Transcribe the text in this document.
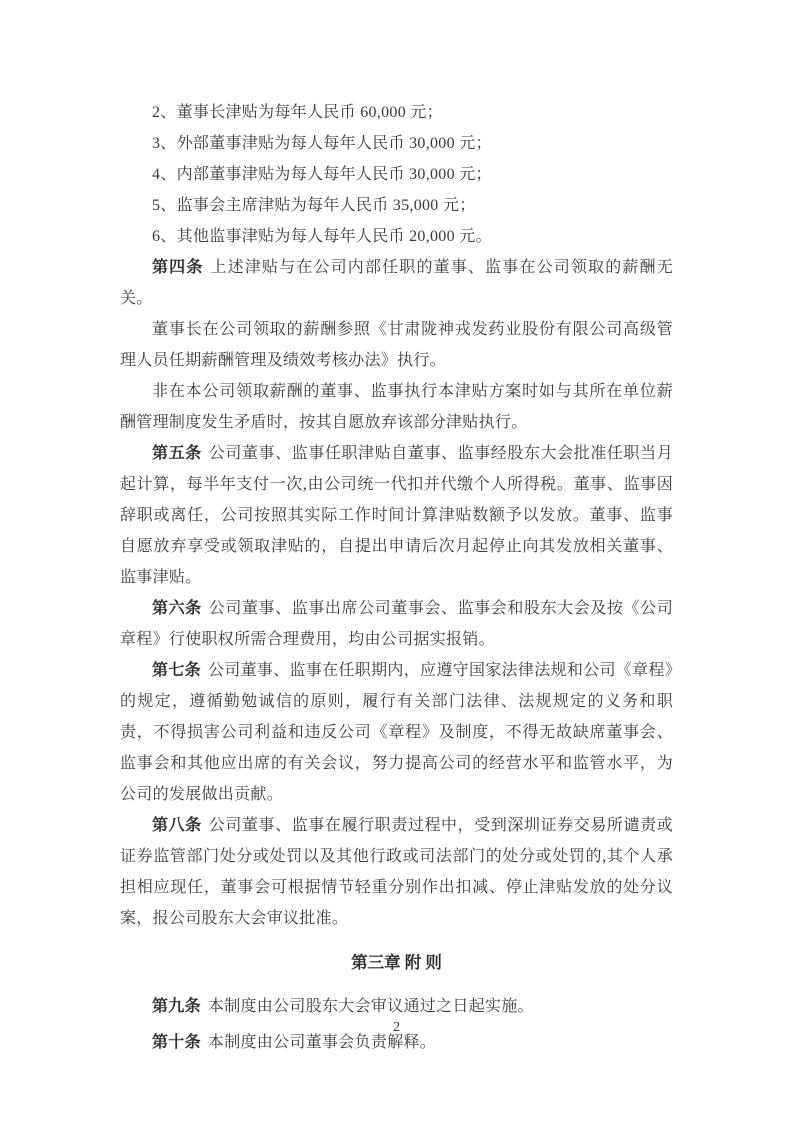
2、董事长津贴为每年人民币 60,000 元；

3、外部董事津贴为每人每年人民币 30,000 元；

4、内部董事津贴为每人每年人民币 30,000 元；

5、监事会主席津贴为每年人民币 35,000 元；

6、其他监事津贴为每人每年人民币 20,000 元。

第四条 上述津贴与在公司内部任职的董事、监事在公司领取的薪酬无关。

董事长在公司领取的薪酬参照《甘肃陇神戎发药业股份有限公司高级管理人员任期薪酬管理及绩效考核办法》执行。

非在本公司领取薪酬的董事、监事执行本津贴方案时如与其所在单位薪酬管理制度发生矛盾时，按其自愿放弃该部分津贴执行。

第五条 公司董事、监事任职津贴自董事、监事经股东大会批准任职当月起计算，每半年支付一次,由公司统一代扣并代缴个人所得税。董事、监事因辞职或离任，公司按照其实际工作时间计算津贴数额予以发放。董事、监事自愿放弃享受或领取津贴的，自提出申请后次月起停止向其发放相关董事、监事津贴。

第六条 公司董事、监事出席公司董事会、监事会和股东大会及按《公司章程》行使职权所需合理费用，均由公司据实报销。

第七条 公司董事、监事在任职期内，应遵守国家法律法规和公司《章程》的规定，遵循勤勉诚信的原则，履行有关部门法律、法规规定的义务和职责，不得损害公司利益和违反公司《章程》及制度，不得无故缺席董事会、监事会和其他应出席的有关会议，努力提高公司的经营水平和监管水平，为公司的发展做出贡献。

第八条 公司董事、监事在履行职责过程中，受到深圳证券交易所谴责或证券监管部门处分或处罚以及其他行政或司法部门的处分或处罚的,其个人承担相应现任，董事会可根据情节轻重分别作出扣减、停止津贴发放的处分议案，报公司股东大会审议批准。

第三章 附 则

第九条 本制度由公司股东大会审议通过之日起实施。

第十条 本制度由公司董事会负责解释。

2
